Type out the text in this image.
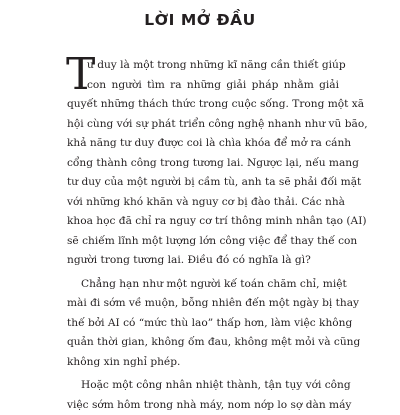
LỜI MỞ ĐẦU
T
ư duy là một trong những kĩ năng cần thiết giúp
con người tìm ra những giải pháp nhằm giải
quyết những thách thức trong cuộc sống. Trong một xã
hội cùng với sự phát triển công nghệ nhanh như vũ bão,
khả năng tư duy được coi là chìa khóa để mở ra cánh
cổng thành công trong tương lai. Ngược lại, nếu mang
tư duy của một người bị cầm tù, anh ta sẽ phải đối mặt
với những khó khăn và nguy cơ bị đào thải. Các nhà
khoa học đã chỉ ra nguy cơ trí thông minh nhân tạo (AI)
sẽ chiếm lĩnh một lượng lớn công việc để thay thế con
người trong tương lai. Điều đó có nghĩa là gì?
Chẳng hạn như một người kế toán chăm chỉ, miệt
mài đi sớm về muộn, bỗng nhiên đến một ngày bị thay
thế bởi AI có “mức thù lao” thấp hơn, làm việc không
quản thời gian, không ốm đau, không mệt mỏi và cũng
không xin nghỉ phép.
Hoặc một công nhân nhiệt thành, tận tụy với công
việc sớm hôm trong nhà máy, nom nớp lo sợ dàn máy
